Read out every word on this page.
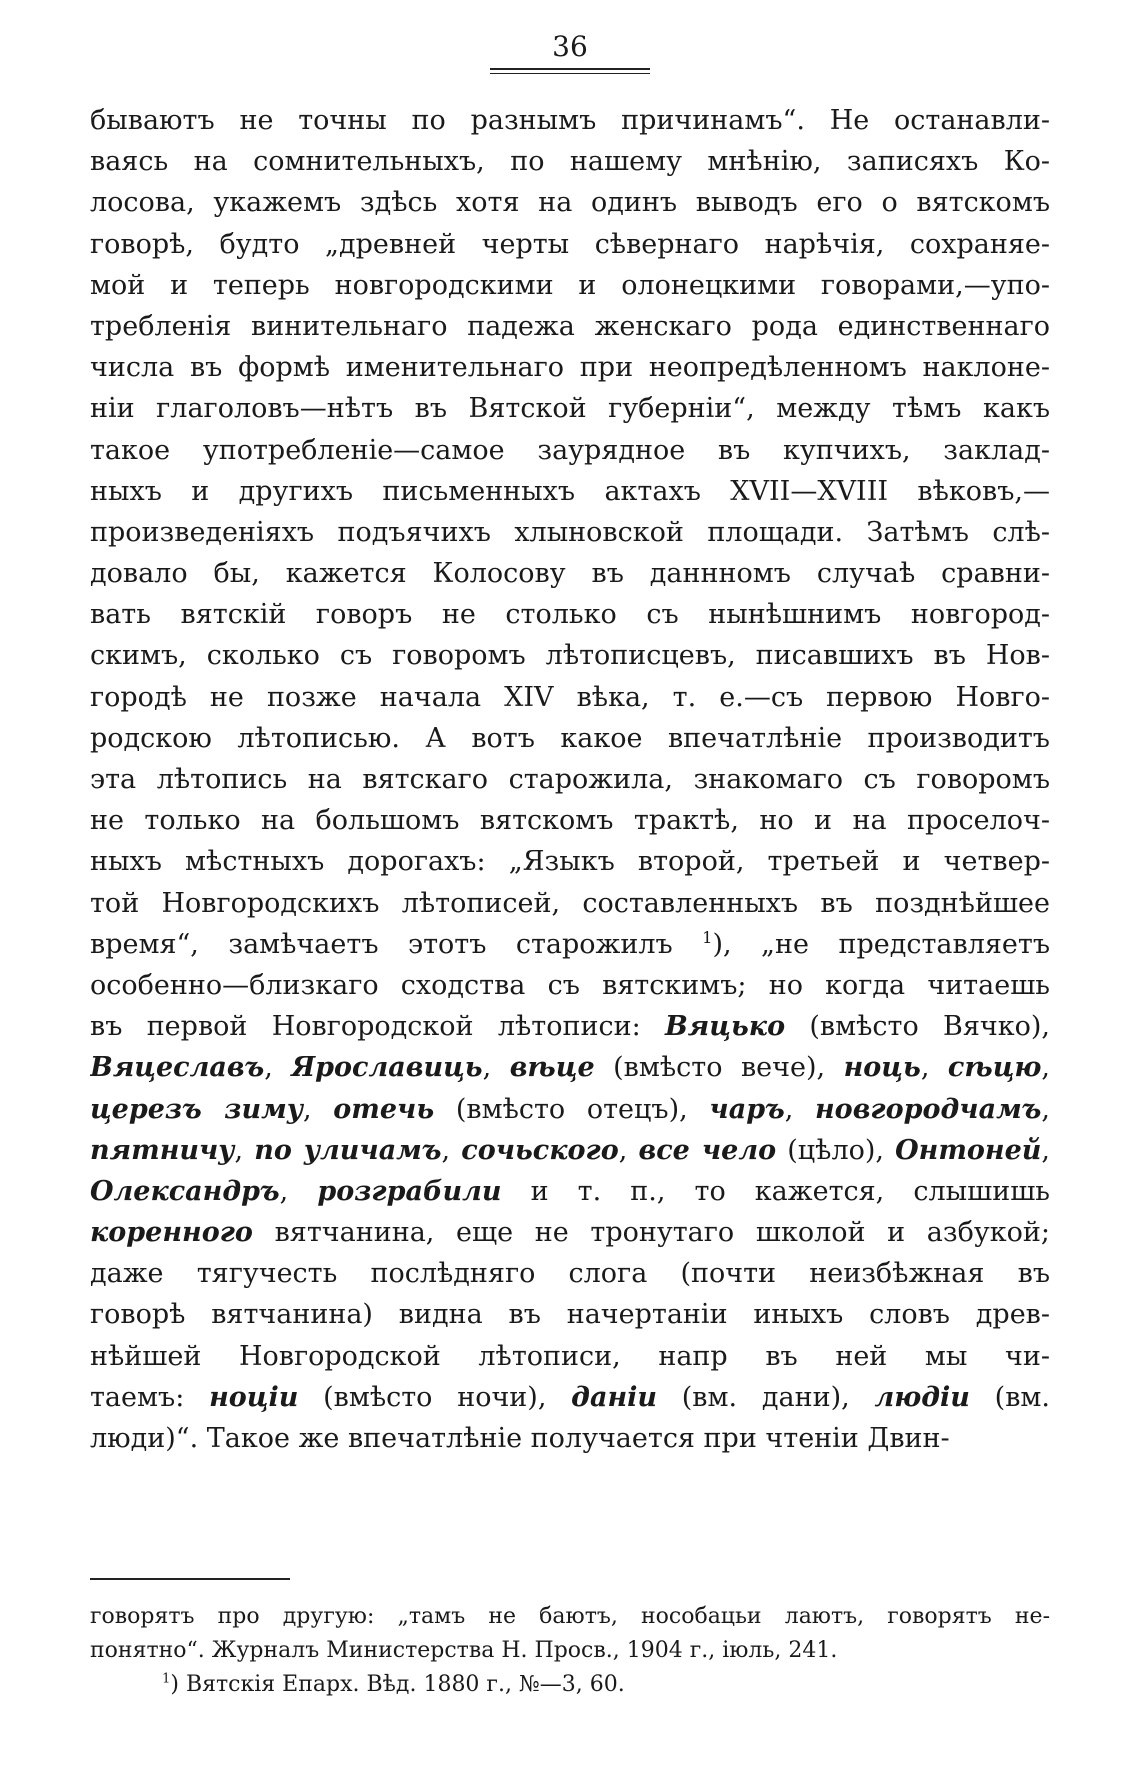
36
бываютъ не точны по разнымъ причинамъ“. Не останавли-
ваясь на сомнительныхъ, по нашему мнѣнію, записяхъ Ко-
лосова, укажемъ здѣсь хотя на одинъ выводъ его о вятскомъ
говорѣ, будто „древней черты сѣвернаго нарѣчія, сохраняе-
мой и теперь новгородскими и олонецкими говорами,—упо-
требленія винительнаго падежа женскаго рода единственнаго
числа въ формѣ именительнаго при неопредѣленномъ наклоне-
ніи глаголовъ—нѣтъ въ Вятской губерніи“, между тѣмъ какъ
такое употребленіе—самое заурядное въ купчихъ, заклад-
ныхъ и другихъ письменныхъ актахъ XVII—XVIII вѣковъ,—
произведеніяхъ подъячихъ хлыновской площади. Затѣмъ слѣ-
довало бы, кажется Колосову въ даннномъ случаѣ сравни-
вать вятскій говоръ не столько съ нынѣшнимъ новгород-
скимъ, сколько съ говоромъ лѣтописцевъ, писавшихъ въ Нов-
городѣ не позже начала XIV вѣка, т. е.—съ первою Новго-
родскою лѣтописью. А вотъ какое впечатлѣніе производитъ
эта лѣтопись на вятскаго старожила, знакомаго съ говоромъ
не только на большомъ вятскомъ трактѣ, но и на проселоч-
ныхъ мѣстныхъ дорогахъ: „Языкъ второй, третьей и четвер-
той Новгородскихъ лѣтописей, составленныхъ въ позднѣйшее
время“, замѣчаетъ этотъ старожилъ $^1$), „не представляетъ
особенно—близкаго сходства съ вятскимъ; но когда читаешь
въ первой Новгородской лѣтописи: Вяцько (вмѣсто Вячко),
Вяцеславъ, Ярославиць, вѣце (вмѣсто вече), ноць, сѣцю,
церезъ зиму, отечь (вмѣсто отецъ), чаръ, новгородчамъ,
пятничу, по уличамъ, сочьского, все чело (цѣло), Онтоней,
Олександръ, розграбили и т. п., то кажется, слышишь
коренного вятчанина, еще не тронутаго школой и азбукой;
даже тягучесть послѣдняго слога (почти неизбѣжная въ
говорѣ вятчанина) видна въ начертаніи иныхъ словъ древ-
нѣйшей Новгородской лѣтописи, напр въ ней мы чи-
таемъ: ноціи (вмѣсто ночи), даніи (вм. дани), людіи (вм.
люди)“. Такое же впечатлѣніе получается при чтеніи Двин-
говорятъ про другую: „тамъ не баютъ, нособацьи лаютъ, говорятъ не-
понятно“. Журналъ Министерства Н. Просв., 1904 г., іюль, 241.
$^1$) Вятскія Епарх. Вѣд. 1880 г., №—3, 60.
